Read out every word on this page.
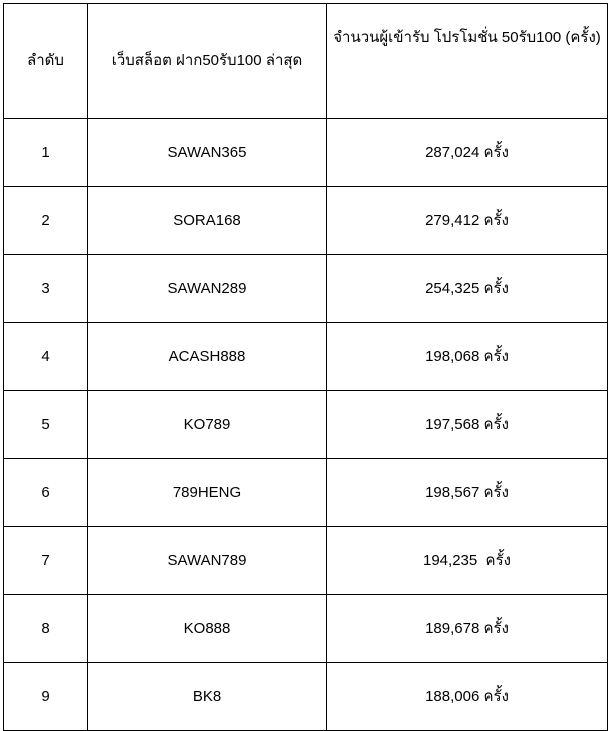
ลำดับ	เว็บสล็อต ฝาก50รับ100 ล่าสุด	จำนวนผู้เข้ารับ โปรโมชั่น 50รับ100 (ครั้ง)
1	SAWAN365	287,024 ครั้ง
2	SORA168	279,412 ครั้ง
3	SAWAN289	254,325 ครั้ง
4	ACASH888	198,068 ครั้ง
5	KO789	197,568 ครั้ง
6	789HENG	198,567 ครั้ง
7	SAWAN789	194,235  ครั้ง
8	KO888	189,678 ครั้ง
9	BK8	188,006 ครั้ง
